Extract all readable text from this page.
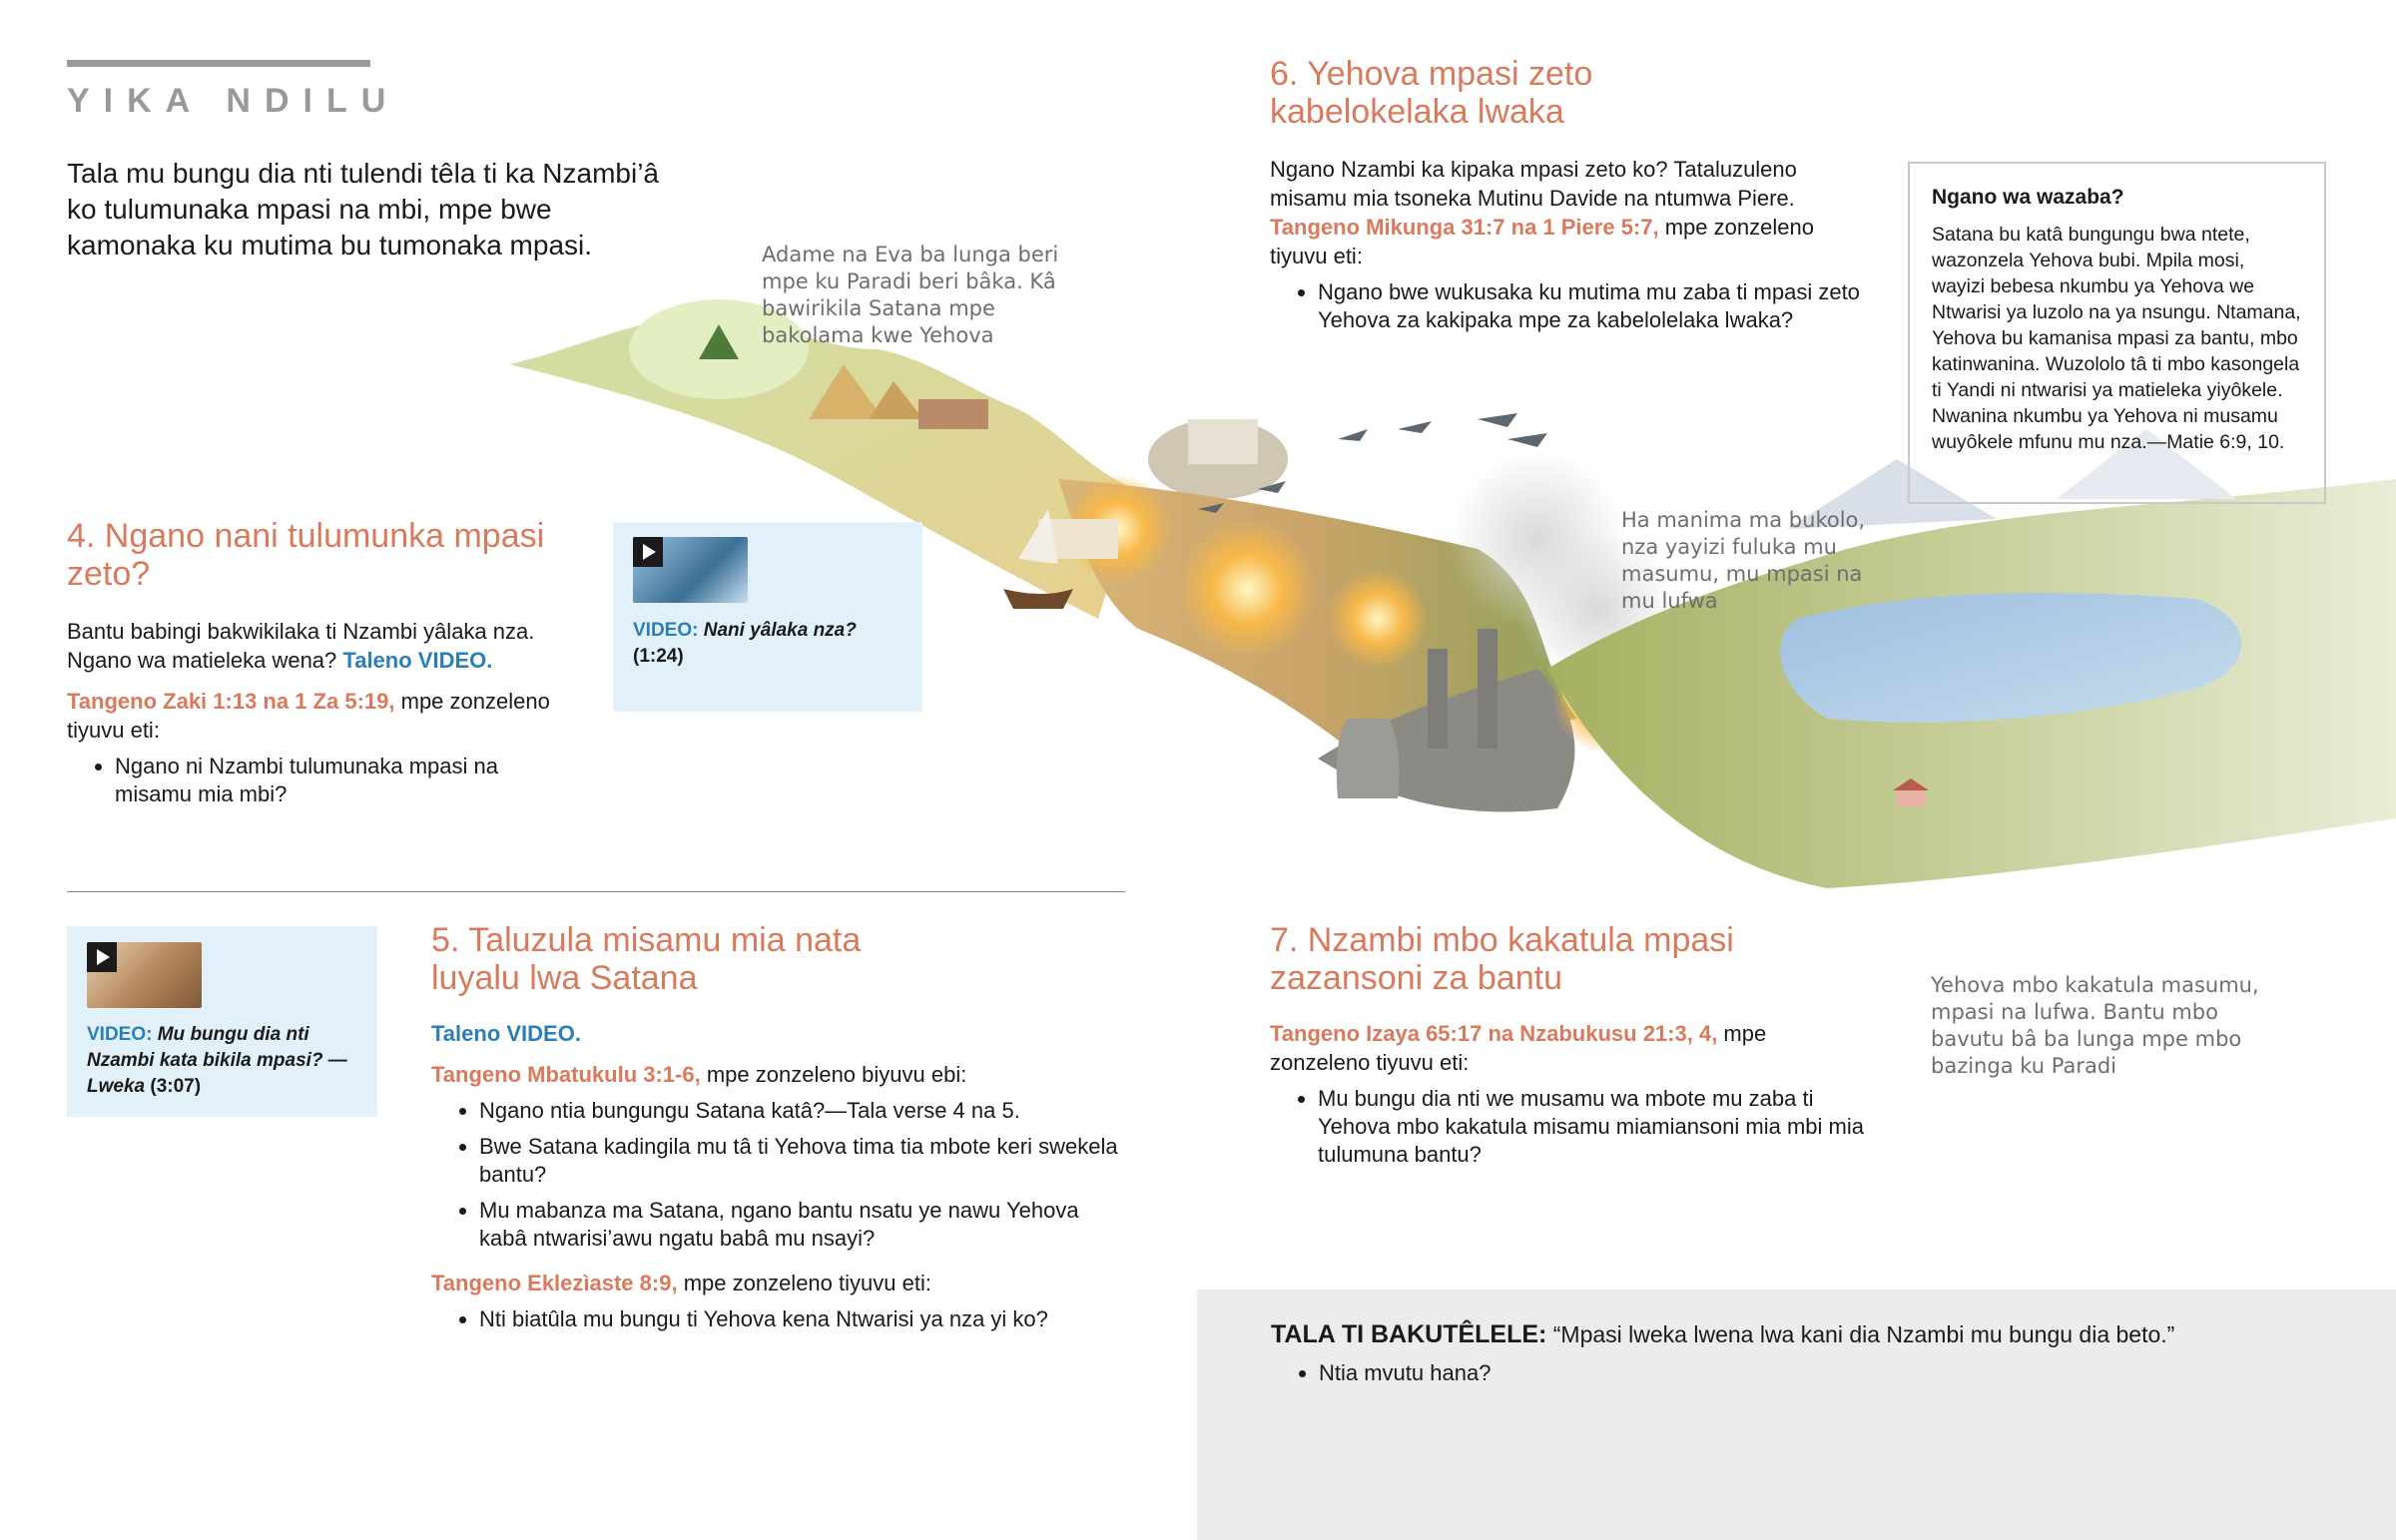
YIKA NDILU
Tala mu bungu dia nti tulendi têla ti ka Nzambi’â ko tulumunaka mpasi na mbi, mpe bwe kamonaka ku mutima bu tumonaka mpasi.	Adame na Eva ba lunga beri mpe ku Paradi beri bâka. Kâ bawirikila Satana mpe bakolama kwe Yehova
Ha manima ma bukolo, nza yayizi fuluka mu masumu, mu mpasi na mu lufwa
Yehova mbo kakatula masumu, mpasi na lufwa. Bantu mbo bavutu bâ ba lunga mpe mbo bazinga ku Paradi
4. Ngano nani tulumunka mpasi zeto?

Bantu babingi bakwikilaka ti Nzambi yâlaka nza. Ngano wa matieleka wena? Taleno VIDEO.

Tangeno Zaki 1:13 na 1 Za 5:19, mpe zonzeleno tiyuvu eti:

• Ngano ni Nzambi tulumunaka mpasi na misamu mia mbi?
VIDEO: Nani yâlaka nza?
(1:24)
VIDEO: Mu bungu dia nti Nzambi kata bikila mpasi? —Lweka (3:07)
5. Taluzula misamu mia nata luyalu lwa Satana

Taleno VIDEO.

Tangeno Mbatukulu 3:1-6, mpe zonzeleno biyuvu ebi:

• Ngano ntia bungungu Satana katâ?—Tala verse 4 na 5.
• Bwe Satana kadingila mu tâ ti Yehova tima tia mbote keri swekela bantu?
• Mu mabanza ma Satana, ngano bantu nsatu ye nawu Yehova kabâ ntwarisi’awu ngatu babâ mu nsayi?

Tangeno Eklezìaste 8:9, mpe zonzeleno tiyuvu eti:

• Nti biatûla mu bungu ti Yehova kena Ntwarisi ya nza yi ko?
6. Yehova mpasi zeto kabelokelaka lwaka

Ngano Nzambi ka kipaka mpasi zeto ko? Tataluzuleno misamu mia tsoneka Mutinu Davide na ntumwa Piere. Tangeno Mikunga 31:7 na 1 Piere 5:7, mpe zonzeleno tiyuvu eti:

• Ngano bwe wukusaka ku mutima mu zaba ti mpasi zeto Yehova za kakipaka mpe za kabelolelaka lwaka?
Ngano wa wazaba?

Satana bu katâ bungungu bwa ntete, wazonzela Yehova bubi. Mpila mosi, wayizi bebesa nkumbu ya Yehova we Ntwarisi ya luzolo na ya nsungu. Ntamana, Yehova bu kamanisa mpasi za bantu, mbo katinwanina. Wuzololo tâ ti mbo kasongela ti Yandi ni ntwarisi ya matieleka yiyôkele. Nwanina nkumbu ya Yehova ni musamu wuyôkele mfunu mu nza.—Matie 6:9, 10.

7. Nzambi mbo kakatula mpasi zazansoni za bantu

Tangeno Izaya 65:17 na Nzabukusu 21:3, 4, mpe zonzeleno tiyuvu eti:

• Mu bungu dia nti we musamu wa mbote mu zaba ti Yehova mbo kakatula misamu miamiansoni mia mbi mia tulumuna bantu?
TALA TI BAKUTÊLELE: “Mpasi lweka lwena lwa kani dia Nzambi mu bungu dia beto.”
• Ntia mvutu hana?
